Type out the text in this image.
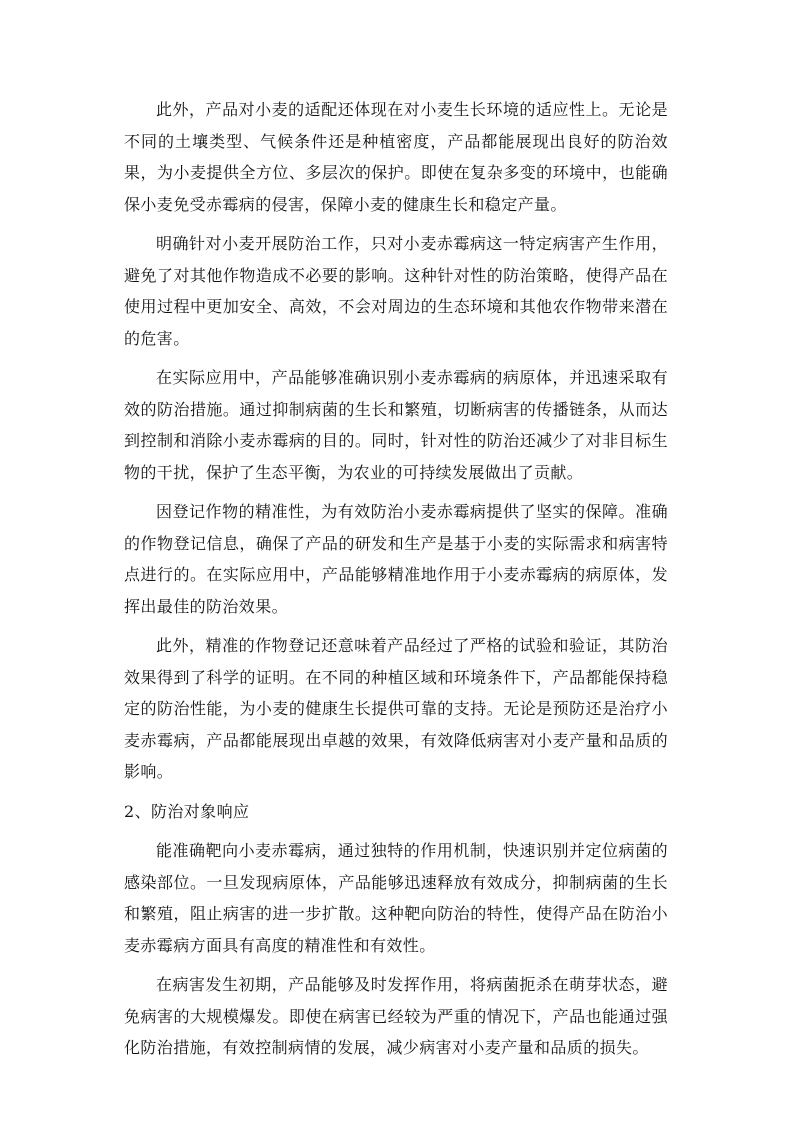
此外，产品对小麦的适配还体现在对小麦生长环境的适应性上。无论是不同的土壤类型、气候条件还是种植密度，产品都能展现出良好的防治效果，为小麦提供全方位、多层次的保护。即使在复杂多变的环境中，也能确保小麦免受赤霉病的侵害，保障小麦的健康生长和稳定产量。

明确针对小麦开展防治工作，只对小麦赤霉病这一特定病害产生作用，避免了对其他作物造成不必要的影响。这种针对性的防治策略，使得产品在使用过程中更加安全、高效，不会对周边的生态环境和其他农作物带来潜在的危害。

在实际应用中，产品能够准确识别小麦赤霉病的病原体，并迅速采取有效的防治措施。通过抑制病菌的生长和繁殖，切断病害的传播链条，从而达到控制和消除小麦赤霉病的目的。同时，针对性的防治还减少了对非目标生物的干扰，保护了生态平衡，为农业的可持续发展做出了贡献。

因登记作物的精准性，为有效防治小麦赤霉病提供了坚实的保障。准确的作物登记信息，确保了产品的研发和生产是基于小麦的实际需求和病害特点进行的。在实际应用中，产品能够精准地作用于小麦赤霉病的病原体，发挥出最佳的防治效果。

此外，精准的作物登记还意味着产品经过了严格的试验和验证，其防治效果得到了科学的证明。在不同的种植区域和环境条件下，产品都能保持稳定的防治性能，为小麦的健康生长提供可靠的支持。无论是预防还是治疗小麦赤霉病，产品都能展现出卓越的效果，有效降低病害对小麦产量和品质的影响。

2、防治对象响应

能准确靶向小麦赤霉病，通过独特的作用机制，快速识别并定位病菌的感染部位。一旦发现病原体，产品能够迅速释放有效成分，抑制病菌的生长和繁殖，阻止病害的进一步扩散。这种靶向防治的特性，使得产品在防治小麦赤霉病方面具有高度的精准性和有效性。

在病害发生初期，产品能够及时发挥作用，将病菌扼杀在萌芽状态，避免病害的大规模爆发。即使在病害已经较为严重的情况下，产品也能通过强化防治措施，有效控制病情的发展，减少病害对小麦产量和品质的损失。
